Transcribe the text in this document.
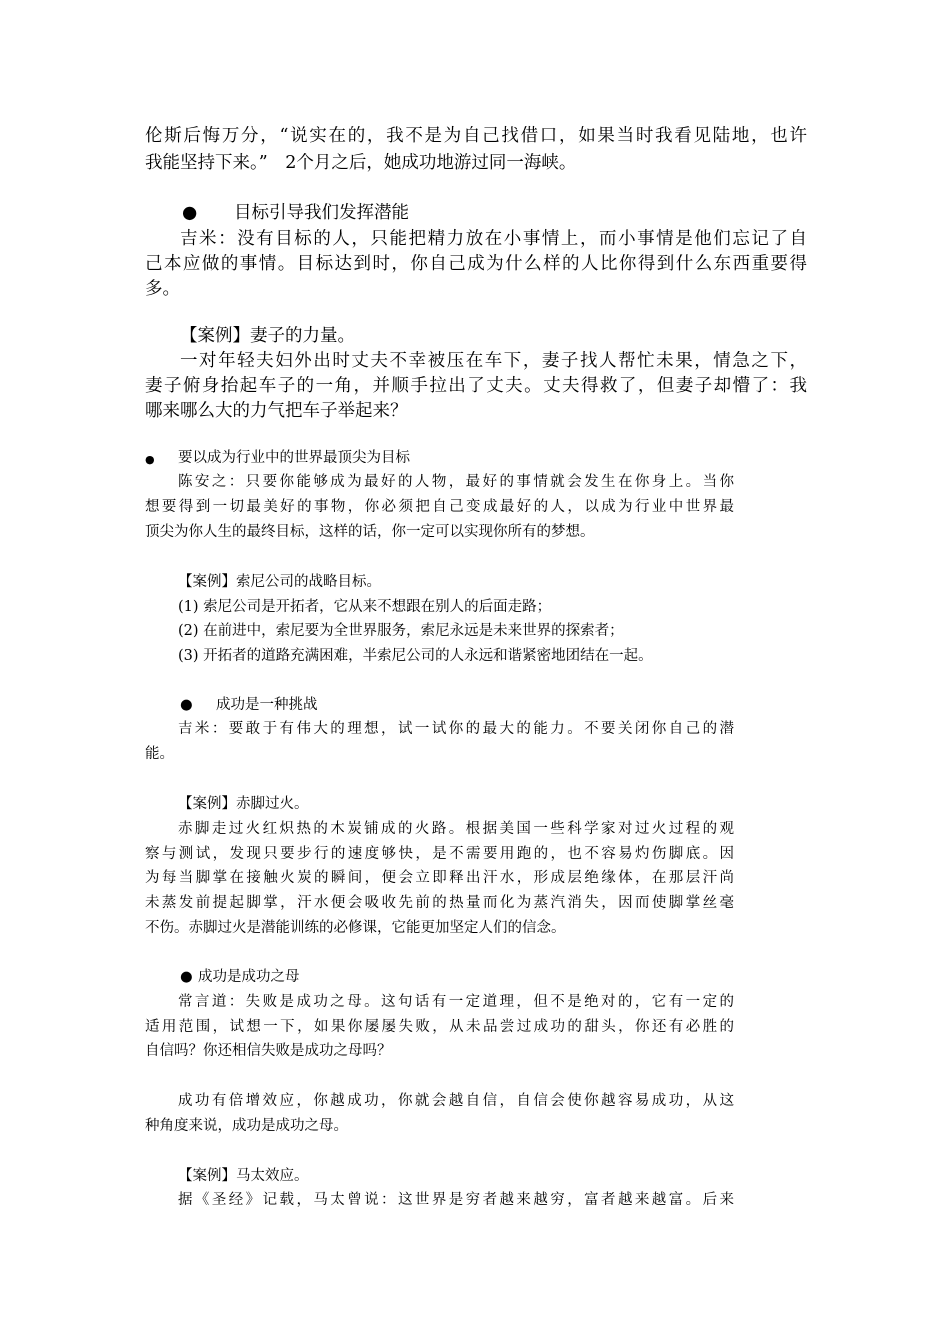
伦斯后悔万分，“说实在的，我不是为自己找借口，如果当时我看见陆地，也许
我能坚持下来。”　2个月之后，她成功地游过同一海峡。
● 目标引导我们发挥潜能
吉米：没有目标的人，只能把精力放在小事情上，而小事情是他们忘记了自
己本应做的事情。目标达到时，你自己成为什么样的人比你得到什么东西重要得
多。
【案例】妻子的力量。
一对年轻夫妇外出时丈夫不幸被压在车下，妻子找人帮忙未果，情急之下，
妻子俯身抬起车子的一角，并顺手拉出了丈夫。丈夫得救了，但妻子却懵了：我
哪来哪么大的力气把车子举起来？
● 要以成为行业中的世界最顶尖为目标
陈安之：只要你能够成为最好的人物，最好的事情就会发生在你身上。当你
想要得到一切最美好的事物，你必须把自己变成最好的人，以成为行业中世界最
顶尖为你人生的最终目标，这样的话，你一定可以实现你所有的梦想。
【案例】索尼公司的战略目标。
(1) 索尼公司是开拓者，它从来不想跟在别人的后面走路；
(2) 在前进中，索尼要为全世界服务，索尼永远是未来世界的探索者；
(3) 开拓者的道路充满困难，半索尼公司的人永远和谐紧密地团结在一起。
● 成功是一种挑战
吉米：要敢于有伟大的理想，试一试你的最大的能力。不要关闭你自己的潜
能。
【案例】赤脚过火。
赤脚走过火红炽热的木炭铺成的火路。根据美国一些科学家对过火过程的观
察与测试，发现只要步行的速度够快，是不需要用跑的，也不容易灼伤脚底。因
为每当脚掌在接触火炭的瞬间，便会立即释出汗水，形成层绝缘体，在那层汗尚
未蒸发前提起脚掌，汗水便会吸收先前的热量而化为蒸汽消失，因而使脚掌丝毫
不伤。赤脚过火是潜能训练的必修课，它能更加坚定人们的信念。
● 成功是成功之母
常言道：失败是成功之母。这句话有一定道理，但不是绝对的，它有一定的
适用范围，试想一下，如果你屡屡失败，从未品尝过成功的甜头，你还有必胜的
自信吗？你还相信失败是成功之母吗？
成功有倍增效应，你越成功，你就会越自信，自信会使你越容易成功，从这
种角度来说，成功是成功之母。
【案例】马太效应。
据《圣经》记载，马太曾说：这世界是穷者越来越穷，富者越来越富。后来
